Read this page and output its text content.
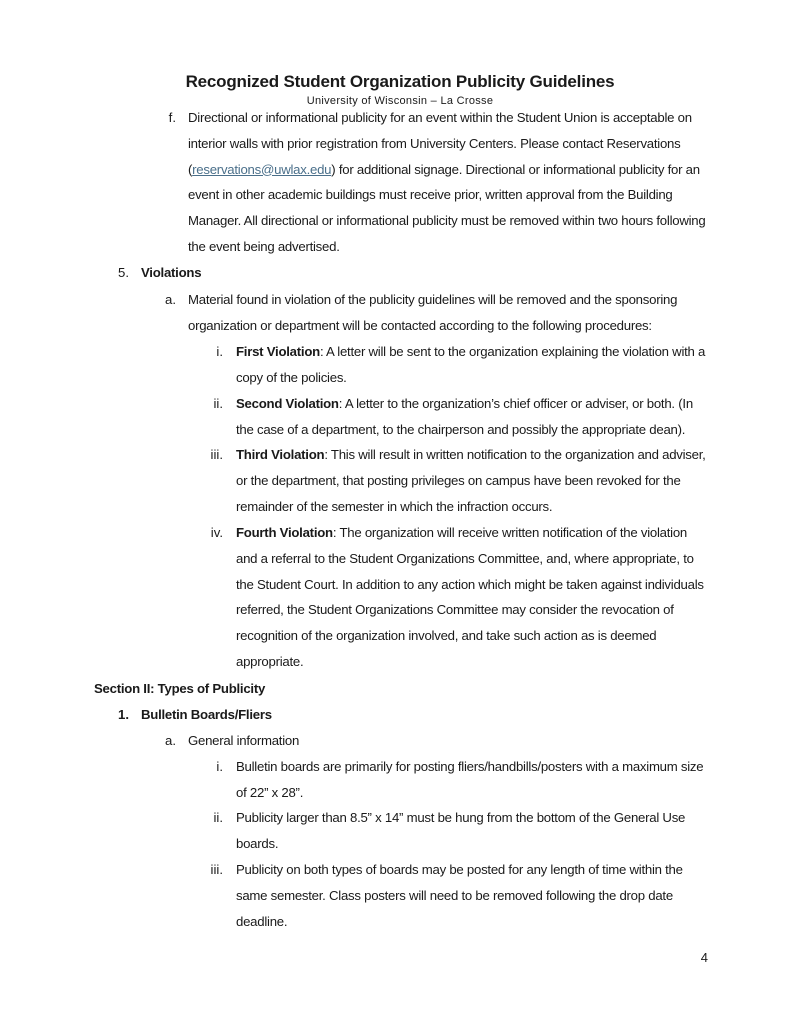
Recognized Student Organization Publicity Guidelines
University of Wisconsin – La Crosse
f. Directional or informational publicity for an event within the Student Union is acceptable on interior walls with prior registration from University Centers. Please contact Reservations (reservations@uwlax.edu) for additional signage. Directional or informational publicity for an event in other academic buildings must receive prior, written approval from the Building Manager. All directional or informational publicity must be removed within two hours following the event being advertised.
5. Violations
a. Material found in violation of the publicity guidelines will be removed and the sponsoring organization or department will be contacted according to the following procedures:
i. First Violation: A letter will be sent to the organization explaining the violation with a copy of the policies.
ii. Second Violation: A letter to the organization’s chief officer or adviser, or both. (In the case of a department, to the chairperson and possibly the appropriate dean).
iii. Third Violation: This will result in written notification to the organization and adviser, or the department, that posting privileges on campus have been revoked for the remainder of the semester in which the infraction occurs.
iv. Fourth Violation: The organization will receive written notification of the violation and a referral to the Student Organizations Committee, and, where appropriate, to the Student Court. In addition to any action which might be taken against individuals referred, the Student Organizations Committee may consider the revocation of recognition of the organization involved, and take such action as is deemed appropriate.
Section II: Types of Publicity
1. Bulletin Boards/Fliers
a. General information
i. Bulletin boards are primarily for posting fliers/handbills/posters with a maximum size of 22” x 28”.
ii. Publicity larger than 8.5” x 14” must be hung from the bottom of the General Use boards.
iii. Publicity on both types of boards may be posted for any length of time within the same semester. Class posters will need to be removed following the drop date deadline.
4
